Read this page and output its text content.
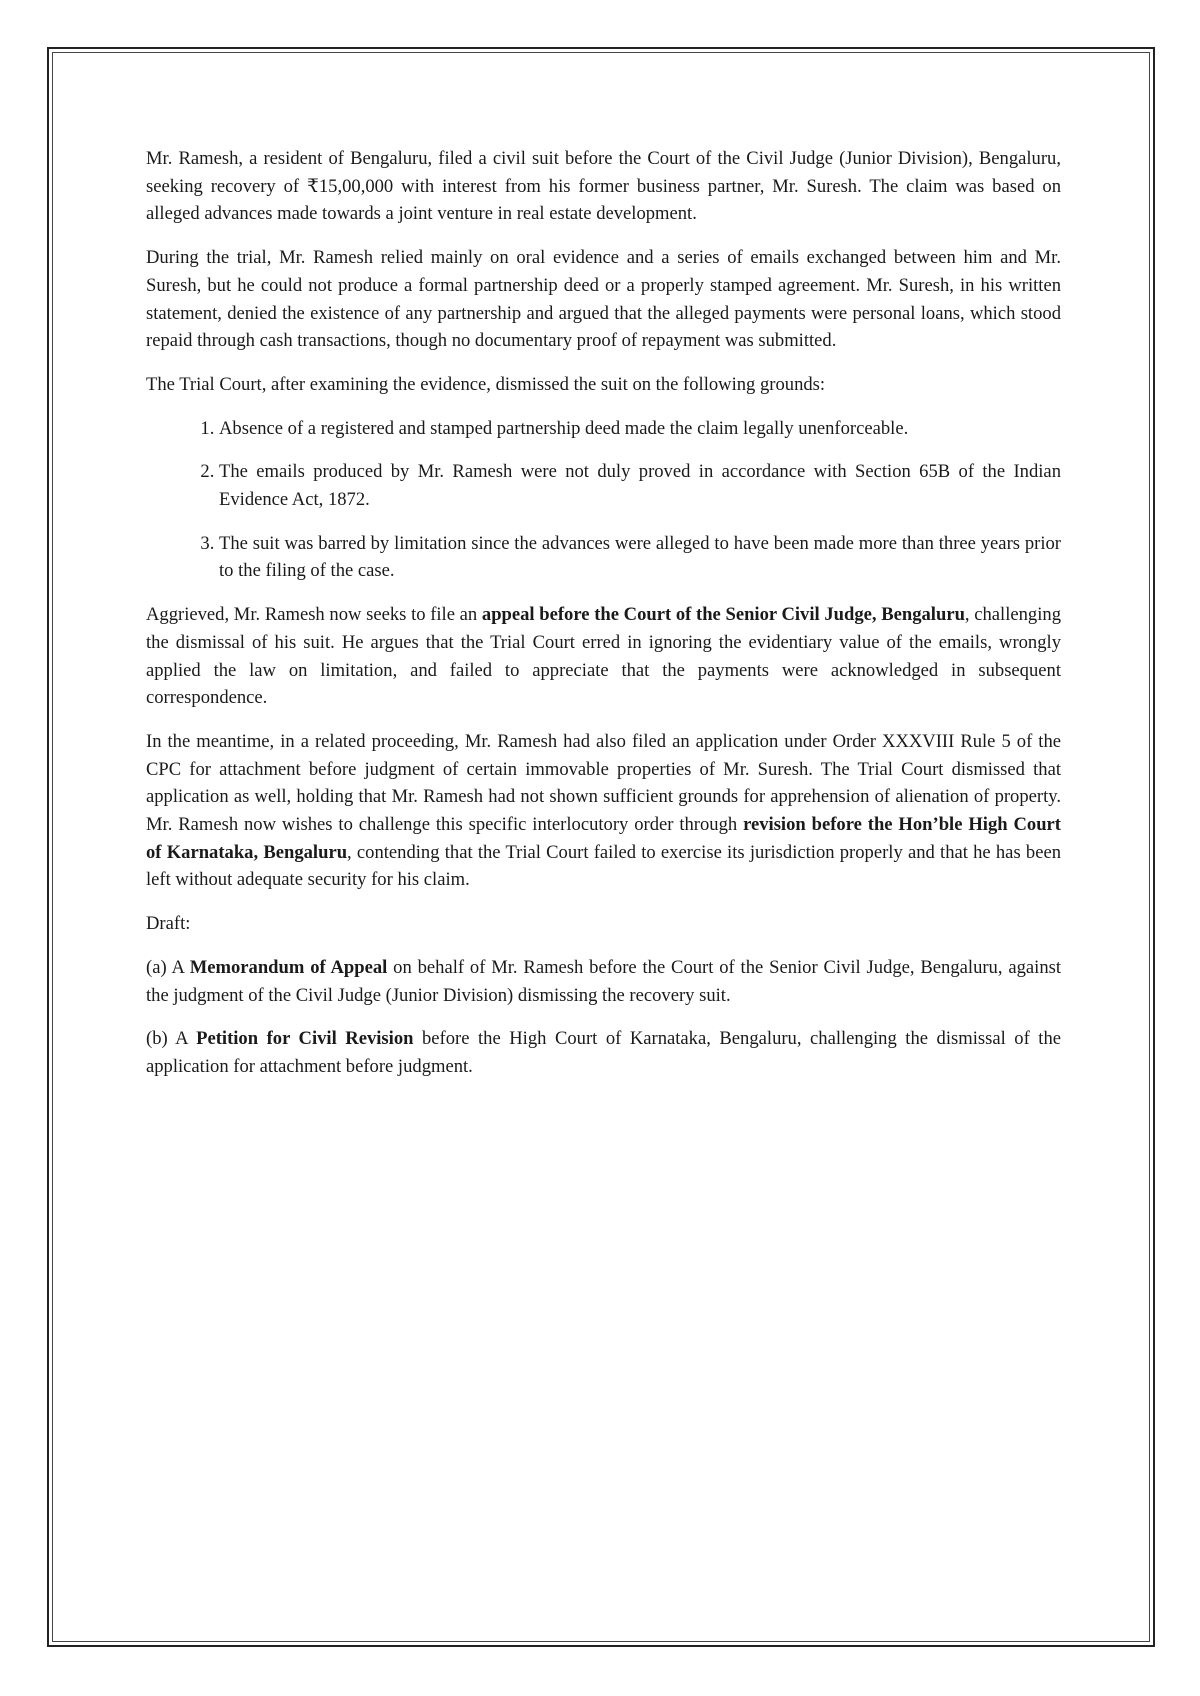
Mr. Ramesh, a resident of Bengaluru, filed a civil suit before the Court of the Civil Judge (Junior Division), Bengaluru, seeking recovery of ₹15,00,000 with interest from his former business partner, Mr. Suresh. The claim was based on alleged advances made towards a joint venture in real estate development.

During the trial, Mr. Ramesh relied mainly on oral evidence and a series of emails exchanged between him and Mr. Suresh, but he could not produce a formal partnership deed or a properly stamped agreement. Mr. Suresh, in his written statement, denied the existence of any partnership and argued that the alleged payments were personal loans, which stood repaid through cash transactions, though no documentary proof of repayment was submitted.

The Trial Court, after examining the evidence, dismissed the suit on the following grounds:

1. Absence of a registered and stamped partnership deed made the claim legally unenforceable.
2. The emails produced by Mr. Ramesh were not duly proved in accordance with Section 65B of the Indian Evidence Act, 1872.
3. The suit was barred by limitation since the advances were alleged to have been made more than three years prior to the filing of the case.

Aggrieved, Mr. Ramesh now seeks to file an appeal before the Court of the Senior Civil Judge, Bengaluru, challenging the dismissal of his suit. He argues that the Trial Court erred in ignoring the evidentiary value of the emails, wrongly applied the law on limitation, and failed to appreciate that the payments were acknowledged in subsequent correspondence.

In the meantime, in a related proceeding, Mr. Ramesh had also filed an application under Order XXXVIII Rule 5 of the CPC for attachment before judgment of certain immovable properties of Mr. Suresh. The Trial Court dismissed that application as well, holding that Mr. Ramesh had not shown sufficient grounds for apprehension of alienation of property. Mr. Ramesh now wishes to challenge this specific interlocutory order through revision before the Hon’ble High Court of Karnataka, Bengaluru, contending that the Trial Court failed to exercise its jurisdiction properly and that he has been left without adequate security for his claim.

Draft:

(a) A Memorandum of Appeal on behalf of Mr. Ramesh before the Court of the Senior Civil Judge, Bengaluru, against the judgment of the Civil Judge (Junior Division) dismissing the recovery suit.

(b) A Petition for Civil Revision before the High Court of Karnataka, Bengaluru, challenging the dismissal of the application for attachment before judgment.
